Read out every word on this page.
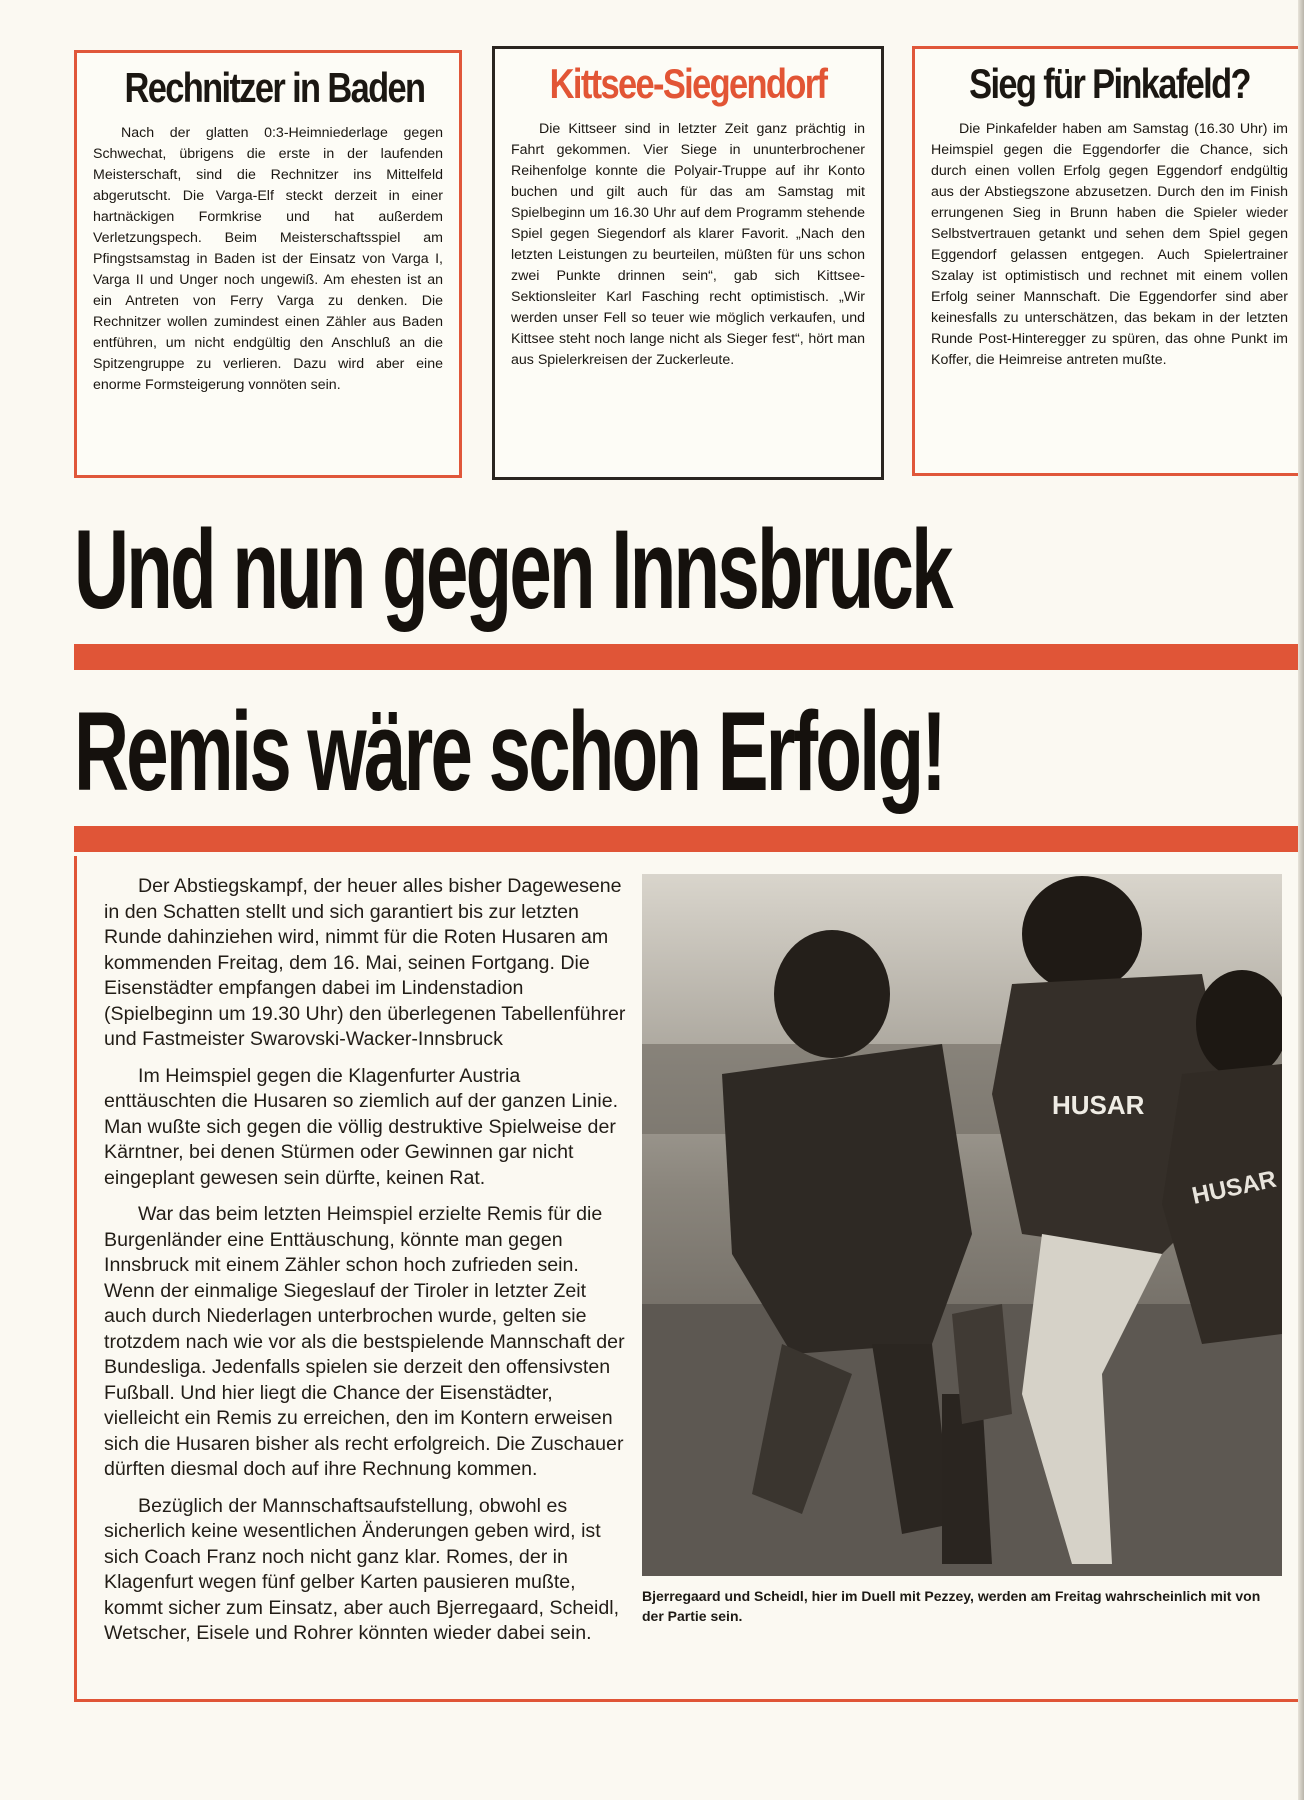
Rechnitzer in Baden

Nach der glatten 0:3-Heimniederlage gegen Schwechat, übrigens die erste in der laufenden Meisterschaft, sind die Rechnitzer ins Mittelfeld abgerutscht. Die Varga-Elf steckt derzeit in einer hartnäckigen Formkrise und hat außerdem Verletzungspech. Beim Meisterschaftsspiel am Pfingstsamstag in Baden ist der Einsatz von Varga I, Varga II und Unger noch ungewiß. Am ehesten ist an ein Antreten von Ferry Varga zu denken. Die Rechnitzer wollen zumindest einen Zähler aus Baden entführen, um nicht endgültig den Anschluß an die Spitzengruppe zu verlieren. Dazu wird aber eine enorme Formsteigerung vonnöten sein.

Kittsee-Siegendorf

Die Kittseer sind in letzter Zeit ganz prächtig in Fahrt gekommen. Vier Siege in ununterbrochener Reihenfolge konnte die Polyair-Truppe auf ihr Konto buchen und gilt auch für das am Samstag mit Spielbeginn um 16.30 Uhr auf dem Programm stehende Spiel gegen Siegendorf als klarer Favorit. „Nach den letzten Leistungen zu beurteilen, müßten für uns schon zwei Punkte drinnen sein“, gab sich Kittsee-Sektionsleiter Karl Fasching recht optimistisch. „Wir werden unser Fell so teuer wie möglich verkaufen, und Kittsee steht noch lange nicht als Sieger fest“, hört man aus Spielerkreisen der Zuckerleute.

Sieg für Pinkafeld?

Die Pinkafelder haben am Samstag (16.30 Uhr) im Heimspiel gegen die Eggendorfer die Chance, sich durch einen vollen Erfolg gegen Eggendorf endgültig aus der Abstiegszone abzusetzen. Durch den im Finish errungenen Sieg in Brunn haben die Spieler wieder Selbstvertrauen getankt und sehen dem Spiel gegen Eggendorf gelassen entgegen. Auch Spielertrainer Szalay ist optimistisch und rechnet mit einem vollen Erfolg seiner Mannschaft. Die Eggendorfer sind aber keinesfalls zu unterschätzen, das bekam in der letzten Runde Post-Hinteregger zu spüren, das ohne Punkt im Koffer, die Heimreise antreten mußte.

Und nun gegen Innsbruck
Remis wäre schon Erfolg!

Der Abstiegskampf, der heuer alles bisher Dagewesene in den Schatten stellt und sich garantiert bis zur letzten Runde dahinziehen wird, nimmt für die Roten Husaren am kommenden Freitag, dem 16. Mai, seinen Fortgang. Die Eisenstädter empfangen dabei im Lindenstadion (Spielbeginn um 19.30 Uhr) den überlegenen Tabellenführer und Fastmeister Swarovski-Wacker-Innsbruck

Im Heimspiel gegen die Klagenfurter Austria enttäuschten die Husaren so ziemlich auf der ganzen Linie. Man wußte sich gegen die völlig destruktive Spielweise der Kärntner, bei denen Stürmen oder Gewinnen gar nicht eingeplant gewesen sein dürfte, keinen Rat.

War das beim letzten Heimspiel erzielte Remis für die Burgenländer eine Enttäuschung, könnte man gegen Innsbruck mit einem Zähler schon hoch zufrieden sein. Wenn der einmalige Siegeslauf der Tiroler in letzter Zeit auch durch Niederlagen unterbrochen wurde, gelten sie trotzdem nach wie vor als die bestspielende Mannschaft der Bundesliga. Jedenfalls spielen sie derzeit den offensivsten Fußball. Und hier liegt die Chance der Eisenstädter, vielleicht ein Remis zu erreichen, den im Kontern erweisen sich die Husaren bisher als recht erfolgreich. Die Zuschauer dürften diesmal doch auf ihre Rechnung kommen.

Bezüglich der Mannschaftsaufstellung, obwohl es sicherlich keine wesentlichen Änderungen geben wird, ist sich Coach Franz noch nicht ganz klar. Romes, der in Klagenfurt wegen fünf gelber Karten pausieren mußte, kommt sicher zum Einsatz, aber auch Bjerregaard, Scheidl, Wetscher, Eisele und Rohrer könnten wieder dabei sein.

HUSAR
HUSAR
Bjerregaard und Scheidl, hier im Duell mit Pezzey, werden am Freitag wahrscheinlich mit von der Partie sein.
